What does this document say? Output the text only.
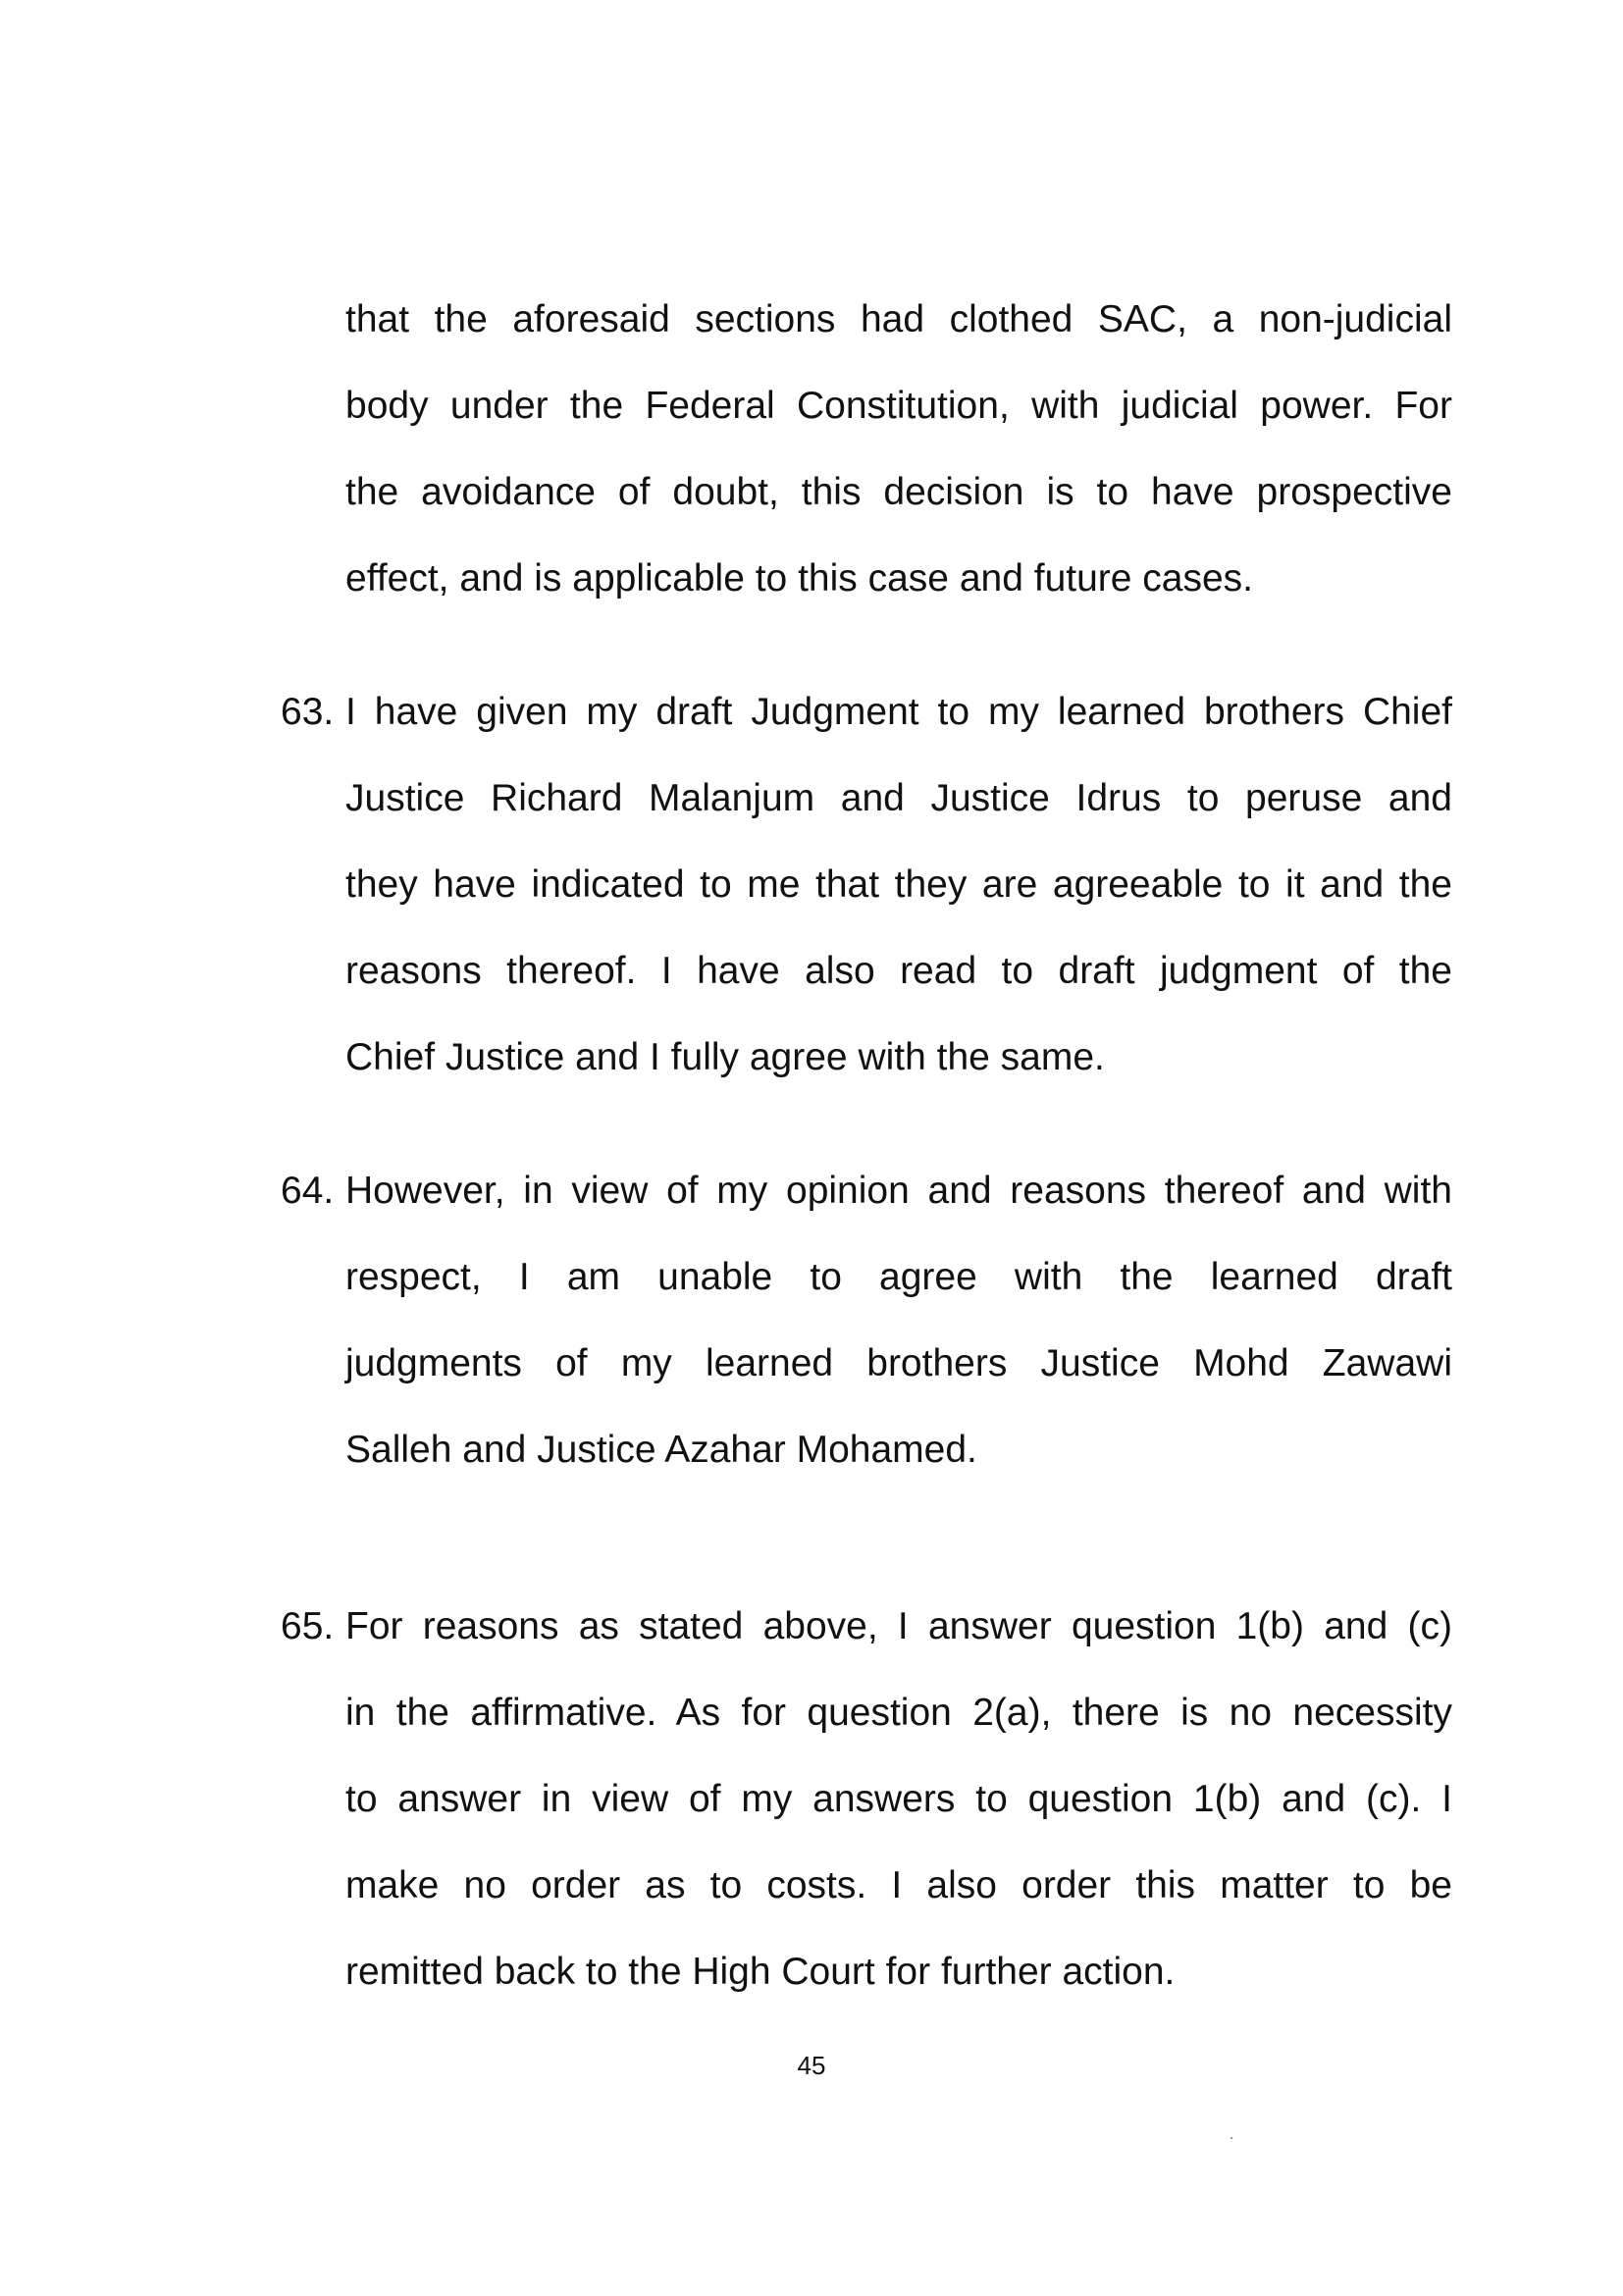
that the aforesaid sections had clothed SAC, a non-judicial
body under the Federal Constitution, with judicial power. For
the avoidance of doubt, this decision is to have prospective
effect, and is applicable to this case and future cases.

63. I have given my draft Judgment to my learned brothers Chief
Justice Richard Malanjum and Justice Idrus to peruse and
they have indicated to me that they are agreeable to it and the
reasons thereof. I have also read to draft judgment of the
Chief Justice and I fully agree with the same.

64. However, in view of my opinion and reasons thereof and with
respect, I am unable to agree with the learned draft
judgments of my learned brothers Justice Mohd Zawawi
Salleh and Justice Azahar Mohamed.

65. For reasons as stated above, I answer question 1(b) and (c)
in the affirmative. As for question 2(a), there is no necessity
to answer in view of my answers to question 1(b) and (c). I
make no order as to costs. I also order this matter to be
remitted back to the High Court for further action.

45
